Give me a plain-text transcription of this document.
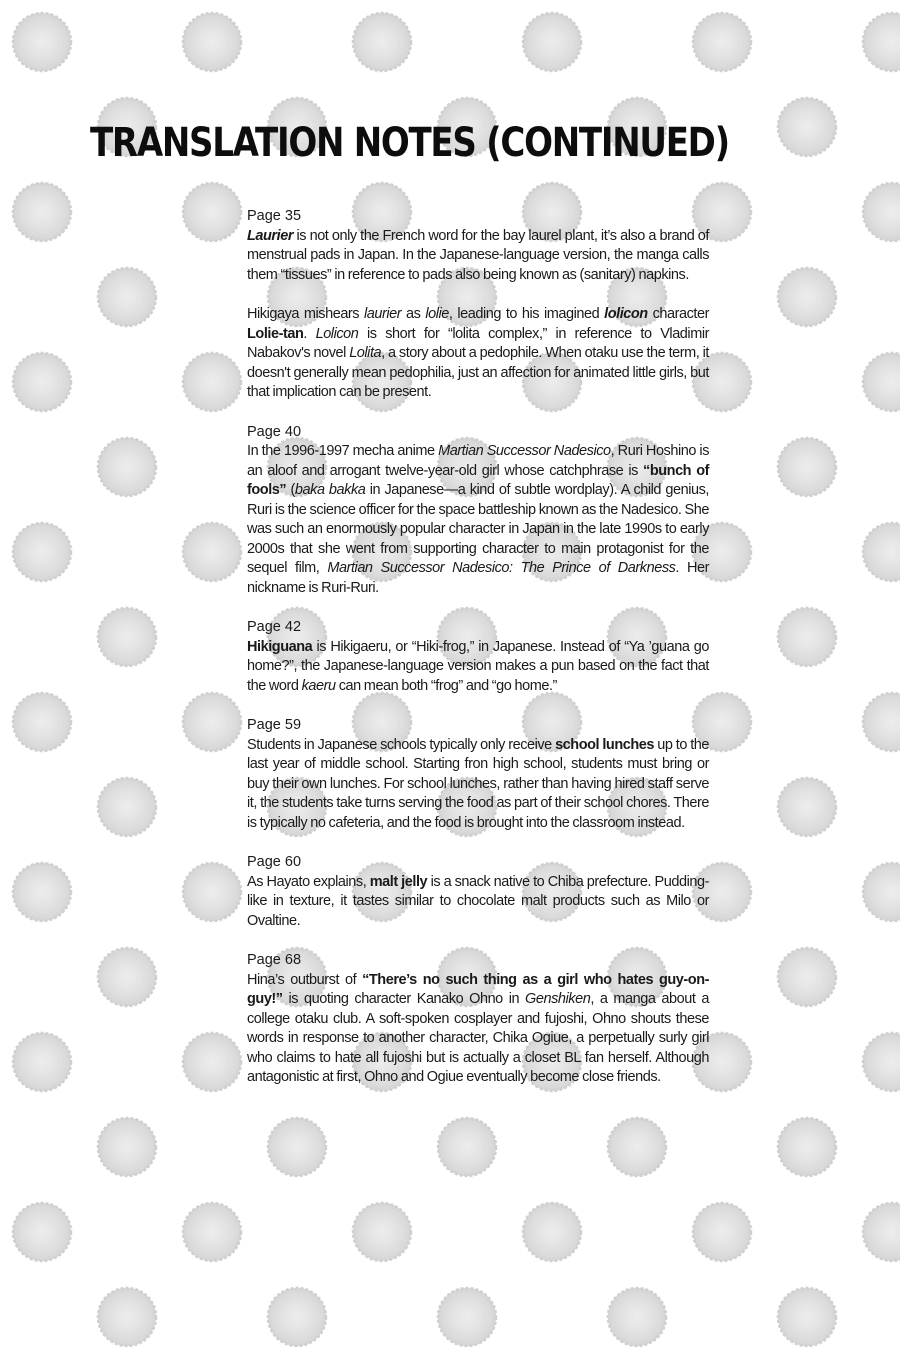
TRANSLATION NOTES (CONTINUED)
Page 35

Laurier is not only the French word for the bay laurel plant, it’s also a brand of menstrual pads in Japan. In the Japanese-language version, the manga calls them “tissues” in reference to pads also being known as (sanitary) napkins.

Hikigaya mishears laurier as lolie, leading to his imagined lolicon character Lolie-tan. Lolicon is short for “lolita complex,” in reference to Vladimir Nabakov's novel Lolita, a story about a pedophile. When otaku use the term, it doesn't generally mean pedophilia, just an affection for animated little girls, but that implication can be present.

Page 40

In the 1996-1997 mecha anime Martian Successor Nadesico, Ruri Hoshino is an aloof and arrogant twelve-year-old girl whose catchphrase is “bunch of fools” (baka bakka in Japanese—a kind of subtle wordplay). A child genius, Ruri is the science officer for the space battleship known as the Nadesico. She was such an enormously popular character in Japan in the late 1990s to early 2000s that she went from supporting character to main protagonist for the sequel film, Martian Successor Nadesico: The Prince of Darkness. Her nickname is Ruri-Ruri.

Page 42

Hikiguana is Hikigaeru, or “Hiki-frog,” in Japanese. Instead of “Ya ’guana go home?”, the Japanese-language version makes a pun based on the fact that the word kaeru can mean both “frog” and “go home.”

Page 59

Students in Japanese schools typically only receive school lunches up to the last year of middle school. Starting fron high school, students must bring or buy their own lunches. For school lunches, rather than having hired staff serve it, the students take turns serving the food as part of their school chores. There is typically no cafeteria, and the food is brought into the classroom instead.

Page 60

As Hayato explains, malt jelly is a snack native to Chiba prefecture. Pudding-like in texture, it tastes similar to chocolate malt products such as Milo or Ovaltine.

Page 68

Hina’s outburst of “There’s no such thing as a girl who hates guy-on-guy!” is quoting character Kanako Ohno in Genshiken, a manga about a college otaku club. A soft-spoken cosplayer and fujoshi, Ohno shouts these words in response to another character, Chika Ogiue, a perpetually surly girl who claims to hate all fujoshi but is actually a closet BL fan herself. Although antagonistic at first, Ohno and Ogiue eventually become close friends.
